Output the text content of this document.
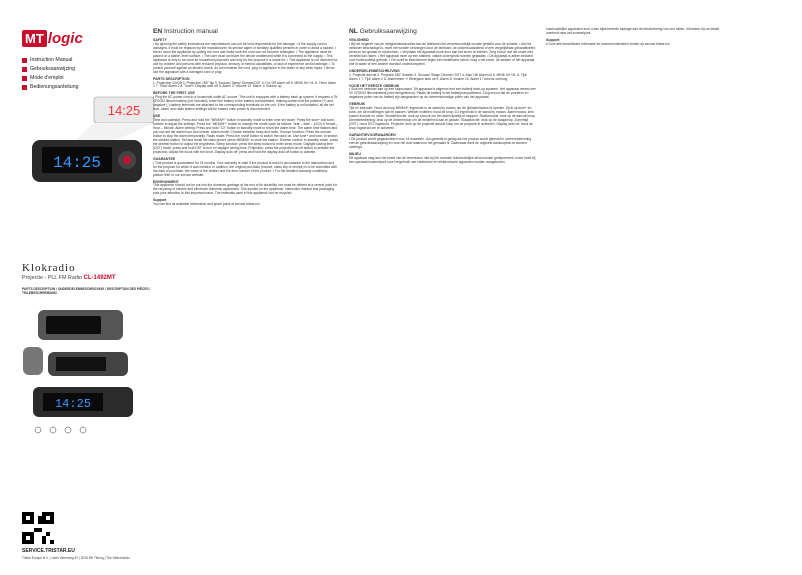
MT logic
Instruction Manual
Gebruiksaanwijzing
Mode d'emploi
Bedienungsanleitung
14:25
14:25
Klokradio
Projectie - PLL FM Radio CL-1492MT
PARTS DESCRIPTION / ONDERDELENBESCHRIJVING / DESCRIPTION DES PIÈCES / TEILEBESCHREIBUNG
14:25
SERVICE.TRISTAR.EU
Tristar Europe B.V. | Jules Verneweg 87 | 5015 BH Tilburg | The Netherlands
EN Instruction manual
SAFETY

• By ignoring the safety instructions the manufacturer can not be held responsible for the damage. • If the supply cord is damaged, it must be replaced by the manufacturer, its service agent or similarly qualified persons in order to avoid a hazard. • Never move the appliance by pulling the cord and make sure the cord can not become entangled. • The appliance must be placed on a stable, level surface. • The user must not leave the device unattended while it is connected to the supply. • This appliance is only to be used for household purposes and only for the purpose it is made for. • This appliance is not intended for use by children and persons with reduced physical, sensory or mental capabilities, or lack of experience and knowledge. • To protect yourself against an electric shock, do not immerse the cord, plug or appliance in the water or any other liquid. • Never use the appliance with a damaged cord or plug.

PARTS DESCRIPTION

1. Projection On/Off 2. Projection 180° flip 3. Snooze/ Sleep/ Dimmer/DST 4. On/ Off Alarm off 5. MEM/ M+/ M- 6. Time/ Alarm 1 7. Time/ Alarm 2 8. Tune+/ Display auto off 9. Alarm 2/ Volume 10. Alarm 1/ Volume up

BEFORE THE FIRST USE

• Plug the AC power cord to a household outlet AC source. This unit is equipped with a battery back up system, it requires a 3V CR2032 lithium battery (not included). Insert the battery in the battery compartment, making certain that the positive (+) and negative (-) battery terminals are attached to the corresponding terminals on the unit. If the battery is not installed, all the set time, alarm and radio station settings will be erased once power is disconnected.

USE

Time and calendar: Press and hold the "MEM/M+" button in standby mode to enter time set mode. Press the tune+ and tune- buttons to adjust the settings. Press the "MEM/M+" button to change the mode cycle as follows: Year – date – 12/24 H format – Hour – Minute. Alarm setting: Press and hold "1/2" button in standby mode to show the alarm time. The alarm time flashes and you can set the alarm hour and minute. Alarm mode: Choose between beep and radio. Snooze function: Press the snooze button to stop the alarm temporarily. Radio mode: Press the on/off button to switch the radio on. Use tune+ and tune- to search the desired station. Set and recall the radio preset: press MEM/M+ to store the station. Dimmer control: in standby mode, press the dimmer button to adjust the brightness. Sleep function: press the sleep button to enter sleep mode. Daylight saving time (DST) mode: press and hold DST to turn on daylight saving time. Projection: press the projection on/off button to activate the projection. Adjust the focus with the knob. Display auto off: press and hold the display auto off button to activate.

GUARANTEE

• This product is guaranteed for 24 months. Your warranty is valid if the product is used in accordance to the instructions and for the purpose for which it was created. In addition, the original purchase (invoice, sales slip or receipt) is to be submitted with the date of purchase, the name of the retailer and the item number of the product. • For the detailed warranty conditions, please refer to our service website.

ENVIRONMENT

This appliance should not be put into the domestic garbage at the end of its durability, but must be offered at a central point for the recycling of electric and electronic domestic appliances. This symbol on the appliance, instruction manual and packaging puts your attention to this important issue. The materials used in this appliance can be recycled.

Support

You can find all available information and spare parts at service.tristar.eu!

NL Gebruiksaanwijzing
VEILIGHEID

• Bij het negeren van de veiligheidsinstructies kan de fabrikant niet verantwoordelijk worden gesteld voor de schade. • Als het netsnoer beschadigd is, moet het worden vervangen door de fabrikant, de onderhoudsdienst of een vergelijkbaar gekwalificeerd persoon om gevaar te voorkomen. • Verplaats het apparaat nooit door aan het snoer te trekken. Zorg ervoor dat het snoer niet verstrikt kan raken. • Het apparaat moet op een stabiele, vlakke ondergrond worden geplaatst. • Dit apparaat is alleen bedoeld voor huishoudelijk gebruik. • Om uzelf te beschermen tegen een elektrische schok, mag u het snoer, de stekker of het apparaat niet in water of een andere vloeistof onderdompelen.

ONDERDELENBESCHRIJVING

1. Projectie aan/uit 2. Projectie 180° draaien 3. Snooze/ Slaap/ Dimmer/ DST 4. Aan/ Uit/ Alarm uit 5. MEM/ M+/ M- 6. Tijd/ Alarm 1 7. Tijd/ Alarm 2 8. Afstemmen +/ Weergave auto uit 9. Alarm 2/ Volume 10. Alarm 1/ Volume omhoog

VOOR HET EERSTE GEBRUIK

• Sluit het netsnoer aan op een stopcontact. Dit apparaat is uitgerust met een batterij back-up systeem. Het apparaat vereist een 3V CR2032 lithiumbatterij (niet meegeleverd). Plaats de batterij in het batterijcompartiment. Zorg ervoor dat de positieve en negatieve polen van de batterij zijn aangesloten op de overeenkomstige polen van het apparaat.

GEBRUIK

Tijd en kalender: Houd de knop MEM/M+ ingedrukt in de stand-by modus om de tijdinstelmodus te openen. Druk op tune+ en tune- om de instellingen aan te passen. Wekker instellen: houd de knop 1/2 ingedrukt in de stand-by modus. Alarmmodus: kies tussen zoemer en radio. Sluimerfunctie: druk op snooze om het alarm tijdelijk te stoppen. Radiomodus: druk op de aan/uit-knop. Dimmerbediening: druk op de dimmerknop om de helderheid aan te passen. Slaapfunctie: druk op de slaapknop. Zomertijd (DST): houd DST ingedrukt. Projectie: druk op de projectie aan/uit knop om de projectie te activeren. Display auto uit: houd de knop ingedrukt om te activeren.

GARANTIEVOORWAARDEN

• Dit product wordt gegarandeerd voor 24 maanden. Uw garantie is geldig als het product wordt gebruikt in overeenstemming met de gebruiksaanwijzing en voor het doel waarvoor het gemaakt is. Daarnaast dient de originele aankoopbon te worden overlegd.

MILIEU

Dit apparaat mag aan het einde van de levensduur niet bij het normale huishoudelijke afval worden gedeponeerd, maar moet bij een speciaal inzamelpunt voor hergebruik van elektrische en elektronische apparaten worden aangeboden.

huishoudelijke apparaten kunt u aan bijbehorende bijdrage aan de bescherming van ons milieu. Informeer bij uw lokale overheid naar het inzamelpunt.

Support

U kunt alle beschikbare informatie en reserveonderdelen vinden op service.tristar.eu!
